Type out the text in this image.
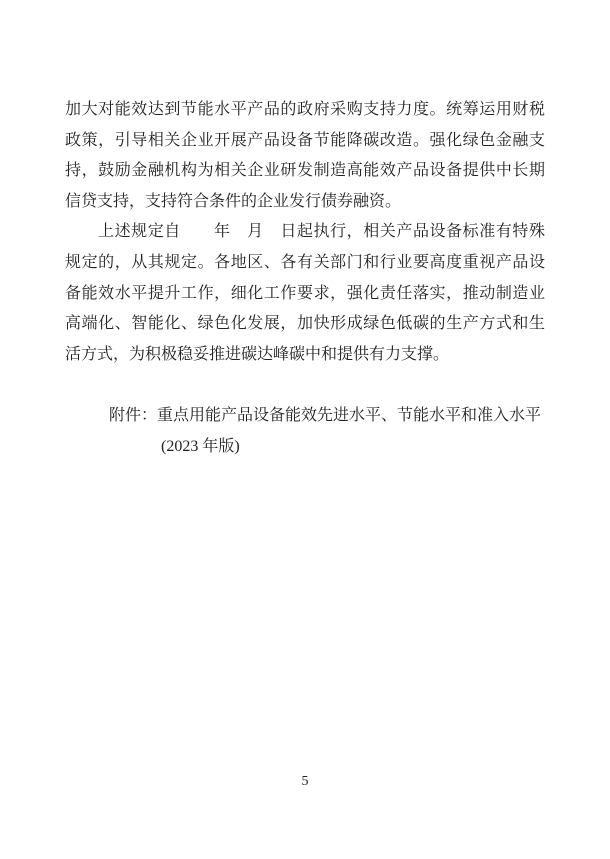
加大对能效达到节能水平产品的政府采购支持力度。统筹运用财税
政策，引导相关企业开展产品设备节能降碳改造。强化绿色金融支
持，鼓励金融机构为相关企业研发制造高能效产品设备提供中长期
信贷支持，支持符合条件的企业发行债券融资。
上述规定自　　年　月　日起执行，相关产品设备标准有特殊
规定的，从其规定。各地区、各有关部门和行业要高度重视产品设
备能效水平提升工作，细化工作要求，强化责任落实，推动制造业
高端化、智能化、绿色化发展，加快形成绿色低碳的生产方式和生
活方式，为积极稳妥推进碳达峰碳中和提供有力支撑。
附件：重点用能产品设备能效先进水平、节能水平和准入水平
(2023 年版)
5
